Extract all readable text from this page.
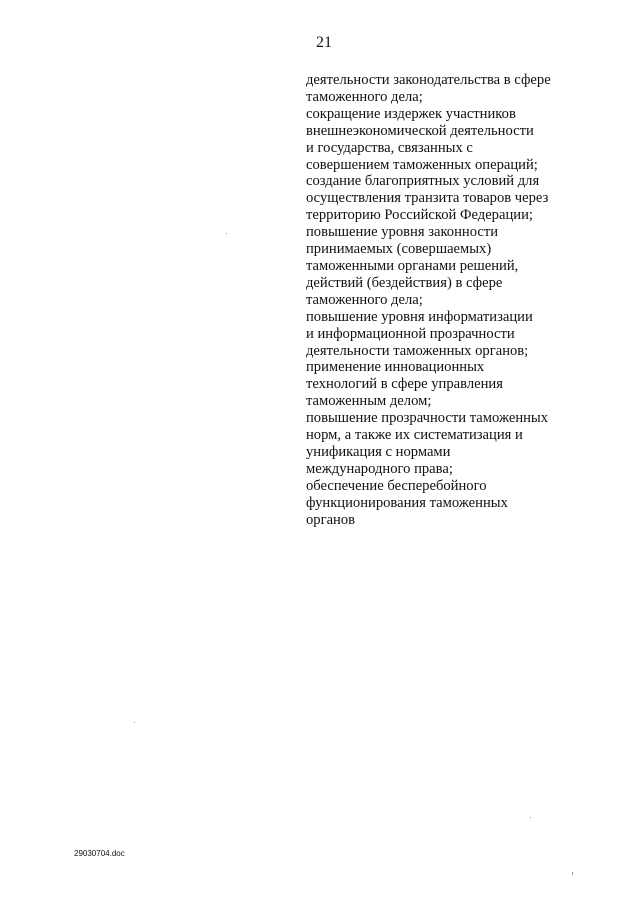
21
деятельности законодательства в сфере
таможенного дела;
сокращение издержек участников
внешнеэкономической деятельности
и государства, связанных с
совершением таможенных операций;
создание благоприятных условий для
осуществления транзита товаров через
территорию Российской Федерации;
повышение уровня законности
принимаемых (совершаемых)
таможенными органами решений,
действий (бездействия) в сфере
таможенного дела;
повышение уровня информатизации
и информационной прозрачности
деятельности таможенных органов;
применение инновационных
технологий в сфере управления
таможенным делом;
повышение прозрачности таможенных
норм, а также их систематизация и
унификация с нормами
международного права;
обеспечение бесперебойного
функционирования таможенных
органов
29030704.doc
